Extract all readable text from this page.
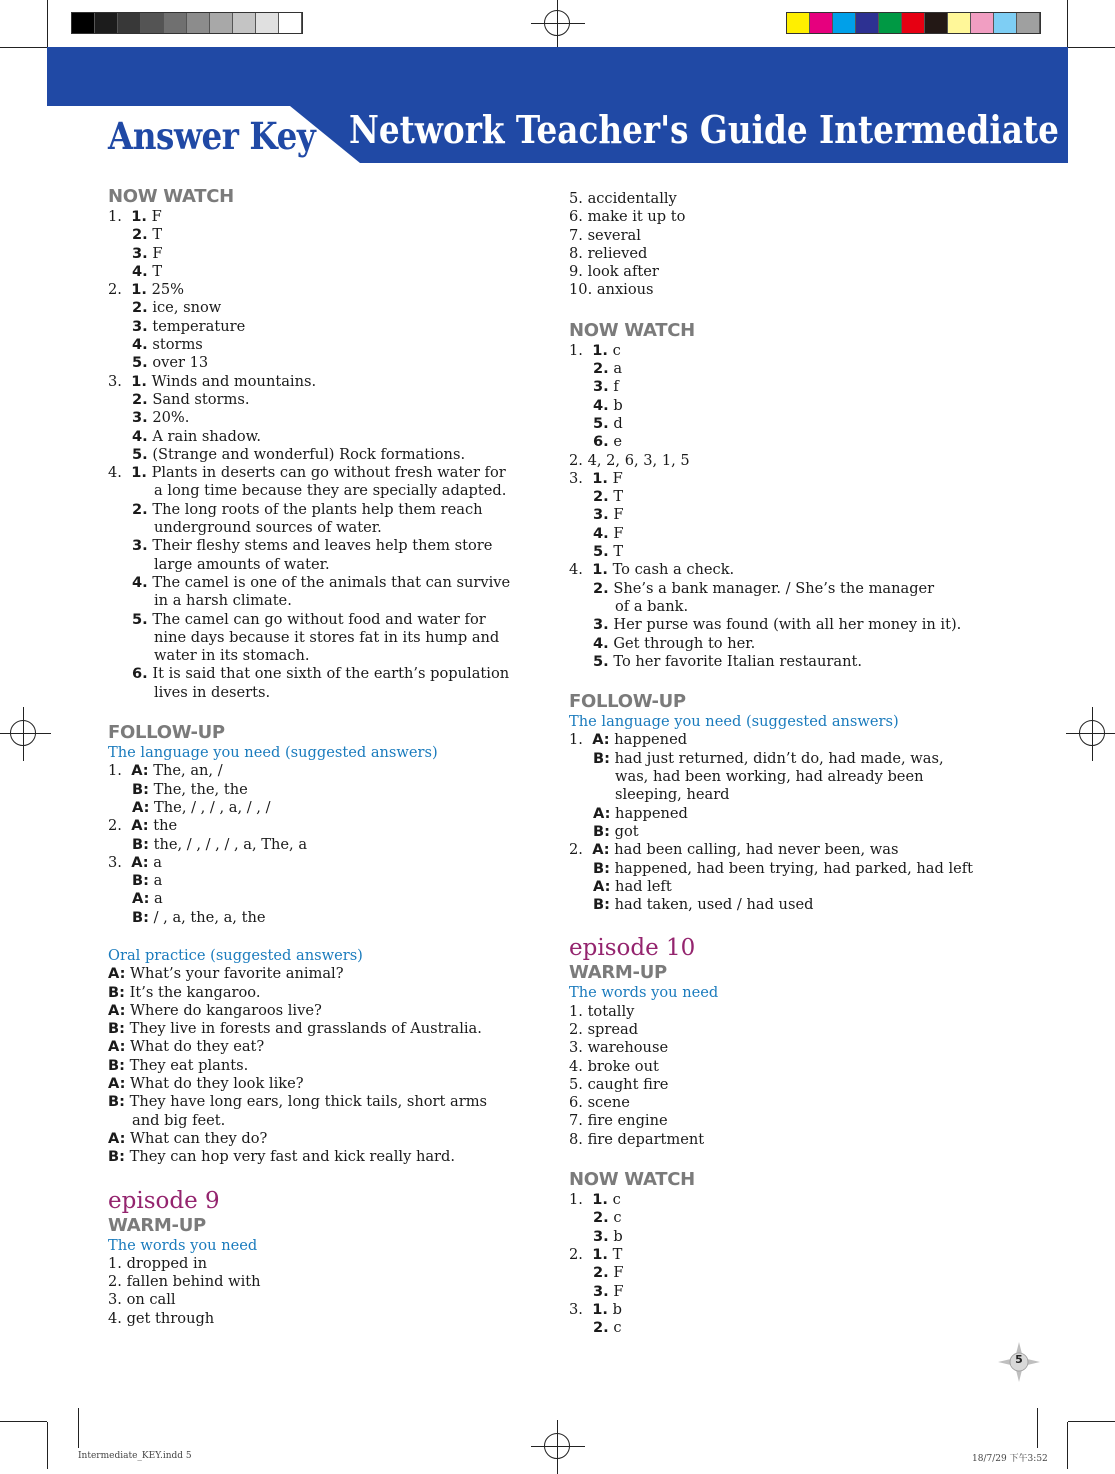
Answer Key Network Teacher's Guide Intermediate
NOW WATCH
1. 1. F
2. T
3. F
4. T
2. 1. 25%
2. ice, snow
3. temperature
4. storms
5. over 13
3. 1. Winds and mountains.
2. Sand storms.
3. 20%.
4. A rain shadow.
5. (Strange and wonderful) Rock formations.
4. 1. Plants in deserts can go without fresh water for
a long time because they are specially adapted.
2. The long roots of the plants help them reach
underground sources of water.
3. Their fleshy stems and leaves help them store
large amounts of water.
4. The camel is one of the animals that can survive
in a harsh climate.
5. The camel can go without food and water for
nine days because it stores fat in its hump and
water in its stomach.
6. It is said that one sixth of the earth’s population
lives in deserts.
FOLLOW-UP
The language you need (suggested answers)
1. A: The, an, /
B: The, the, the
A: The, / , / , a, / , /
2. A: the
B: the, / , / , / , a, The, a
3. A: a
B: a
A: a
B: / , a, the, a, the
Oral practice (suggested answers)
A: What’s your favorite animal?
B: It’s the kangaroo.
A: Where do kangaroos live?
B: They live in forests and grasslands of Australia.
A: What do they eat?
B: They eat plants.
A: What do they look like?
B: They have long ears, long thick tails, short arms
and big feet.
A: What can they do?
B: They can hop very fast and kick really hard.
episode 9
WARM-UP
The words you need
1. dropped in
2. fallen behind with
3. on call
4. get through
5. accidentally
6. make it up to
7. several
8. relieved
9. look after
10. anxious
NOW WATCH
1. 1. c
2. a
3. f
4. b
5. d
6. e
2. 4, 2, 6, 3, 1, 5
3. 1. F
2. T
3. F
4. F
5. T
4. 1. To cash a check.
2. She’s a bank manager. / She’s the manager
of a bank.
3. Her purse was found (with all her money in it).
4. Get through to her.
5. To her favorite Italian restaurant.
FOLLOW-UP
The language you need (suggested answers)
1. A: happened
B: had just returned, didn’t do, had made, was,
was, had been working, had already been
sleeping, heard
A: happened
B: got
2. A: had been calling, had never been, was
B: happened, had been trying, had parked, had left
A: had left
B: had taken, used / had used
episode 10
WARM-UP
The words you need
1. totally
2. spread
3. warehouse
4. broke out
5. caught fire
6. scene
7. fire engine
8. fire department
NOW WATCH
1. 1. c
2. c
3. b
2. 1. T
2. F
3. F
3. 1. b
2. c
5
Intermediate_KEY.indd 5	18/7/29 下午3:52
